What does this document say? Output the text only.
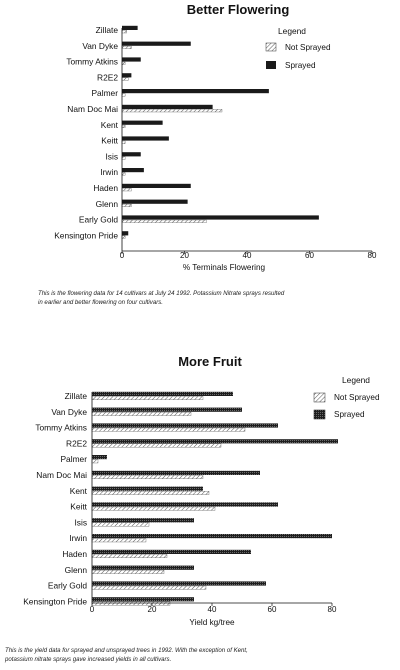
Better Flowering
Zillate
Van Dyke
Tommy Atkins
R2E2
Palmer
Nam Doc Mai
Kent
Keitt
Isis
Irwin
Haden
Glenn
Early Gold
Kensington Pride
0	20	40	60	80
% Terminals Flowering
Legend
Not Sprayed
Sprayed
This is the flowering data for 14 cultivars at July 24 1992. Potassium Nitrate sprays resulted
in earlier and better flowering on four cultivars.
More Fruit
Zillate
Van Dyke
Tommy Atkins
R2E2
Palmer
Nam Doc Mai
Kent
Keitt
Isis
Irwin
Haden
Glenn
Early Gold
Kensington Pride
0	20	40	60	80
Yield kg/tree
Legend
Not Sprayed
Sprayed
This is the yield data for sprayed and unsprayed trees in 1992. With the exception of Kent,
potassium nitrate sprays gave increased yields in all cultivars.
